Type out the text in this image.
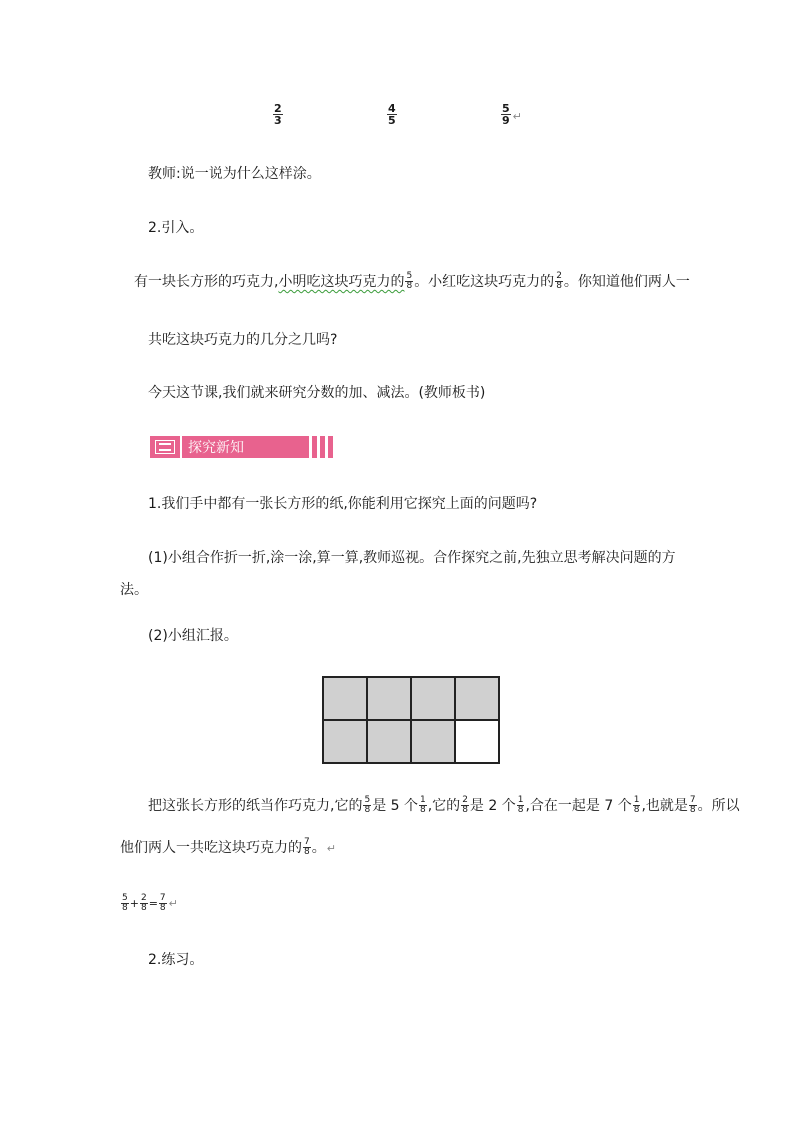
$\frac{2}{3}$	$\frac{4}{5}$	$\frac{5}{9}$ ↵
教师:说一说为什么这样涂。
2.引入。
有一块长方形的巧克力,小明吃这块巧克力的 $\frac{5}{8}$ 。小红吃这块巧克力的 $\frac{2}{8}$ 。你知道他们两人一
共吃这块巧克力的几分之几吗?
今天这节课,我们就来研究分数的加、减法。(教师板书)
探究新知
1.我们手中都有一张长方形的纸,你能利用它探究上面的问题吗?
(1)小组合作折一折,涂一涂,算一算,教师巡视。合作探究之前,先独立思考解决问题的方
法。
(2)小组汇报。
把这张长方形的纸当作巧克力,它的 $\frac{5}{8}$ 是 5 个 $\frac{1}{8}$ ,它的 $\frac{2}{8}$ 是 2 个 $\frac{1}{8}$ ,合在一起是 7 个 $\frac{1}{8}$ ,也就是 $\frac{7}{8}$ 。所以
他们两人一共吃这块巧克力的 $\frac{7}{8}$ 。↵
$\frac{5}{8} + \frac{2}{8} = \frac{7}{8}$ ↵
2.练习。
